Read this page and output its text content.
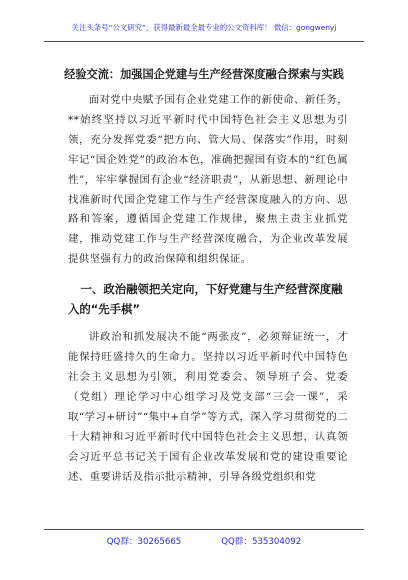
关注头条号“公文研究”，获得最新最全最专业的公文资料库！ 微信：gongwenyj
经验交流：加强国企党建与生产经营深度融合探索与实践

面对党中央赋予国有企业党建工作的新使命、新任务，**始终坚持以习近平新时代中国特色社会主义思想为引领，充分发挥党委“把方向、管大局、保落实”作用，时刻牢记“国企姓党”的政治本色，准确把握国有资本的“红色属性”，牢牢掌握国有企业“经济职责”，从新思想、新理论中找准新时代国企党建工作与生产经营深度融入的方向、思路和答案，遵循国企党建工作规律，聚焦主责主业抓党建，推动党建工作与生产经营深度融合，为企业改革发展提供坚强有力的政治保障和组织保证。

一、政治融领把关定向，下好党建与生产经营深度融入的“先手棋”

讲政治和抓发展决不能“两张皮”，必须辩证统一，才能保持旺盛持久的生命力。坚持以习近平新时代中国特色社会主义思想为引领，利用党委会、领导班子会、党委（党组）理论学习中心组学习及党支部“三会一课”，采取“学习+研讨”“集中+自学”等方式，深入学习贯彻党的二十大精神和习近平新时代中国特色社会主义思想，认真领会习近平总书记关于国有企业改革发展和党的建设重要论述、重要讲话及指示批示精神，引导各级党组织和党

QQ群：30265665	QQ群：535304092
